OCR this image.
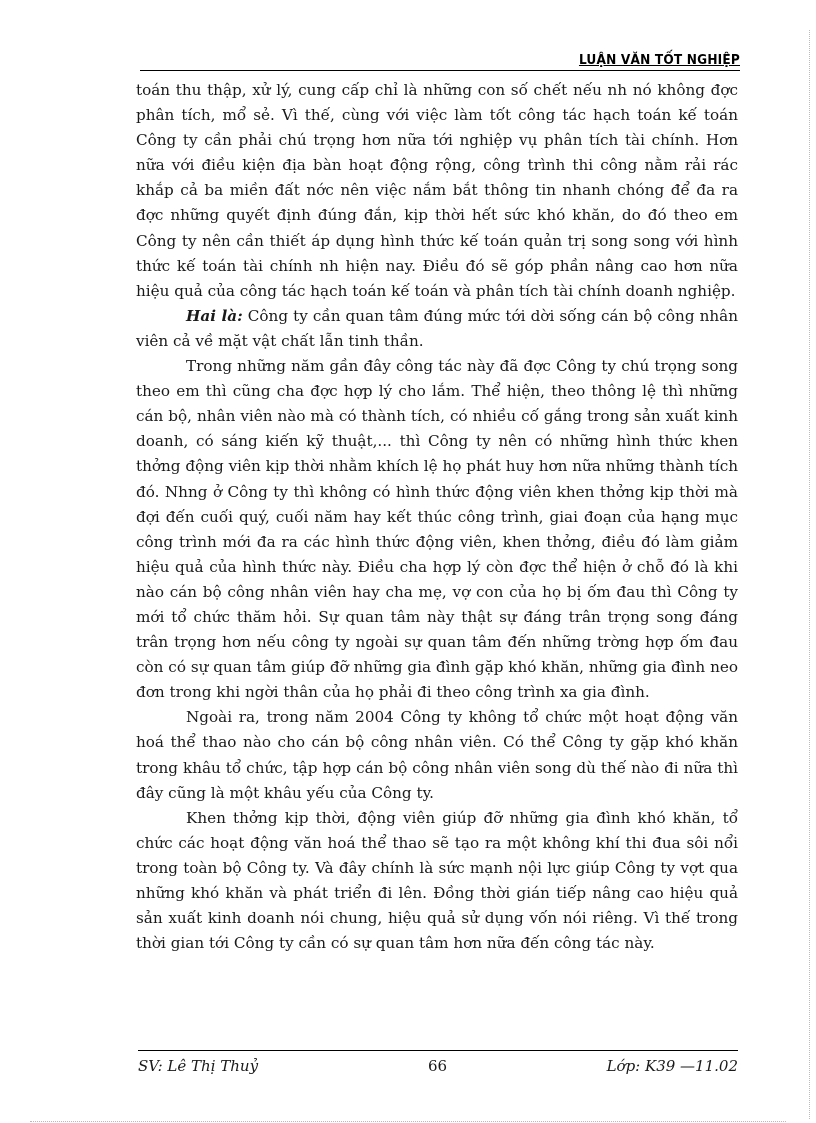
LUẬN VĂN TỐT NGHIỆP

toán thu thập, xử lý, cung cấp chỉ là những con số chết nếu nh nó không đợc phân tích, mổ sẻ. Vì thế, cùng với việc làm tốt công tác hạch toán kế toán Công ty cần phải chú trọng hơn nữa tới nghiệp vụ phân tích tài chính. Hơn nữa với điều kiện địa bàn hoạt động rộng, công trình thi công nằm rải rác khắp cả ba miền đất nớc nên việc nắm bắt thông tin nhanh chóng để đa ra đợc những quyết định đúng đắn, kịp thời hết sức khó khăn, do đó theo em Công ty nên cần thiết áp dụng hình thức kế toán quản trị song song với hình thức kế toán tài chính nh hiện nay. Điều đó sẽ góp phần nâng cao hơn nữa hiệu quả của công tác hạch toán kế toán và phân tích tài chính doanh nghiệp.

Hai là: Công ty cần quan tâm đúng mức tới dời sống cán bộ công nhân viên cả về mặt vật chất lẫn tinh thần.

Trong những năm gần đây công tác này đã đợc Công ty chú trọng song theo em thì cũng cha đợc hợp lý cho lắm. Thể hiện, theo thông lệ thì những cán bộ, nhân viên nào mà có thành tích, có nhiều cố gắng trong sản xuất kinh doanh, có sáng kiến kỹ thuật,... thì Công ty nên có những hình thức khen thởng động viên kịp thời nhằm khích lệ họ phát huy hơn nữa những thành tích đó. Nhng ở Công ty thì không có hình thức động viên khen thởng kịp thời mà đợi đến cuối quý, cuối năm hay kết thúc công trình, giai đoạn của hạng mục công trình mới đa ra các hình thức động viên, khen thởng, điều đó làm giảm hiệu quả của hình thức này. Điều cha hợp lý còn đợc thể hiện ở chỗ đó là khi nào cán bộ công nhân viên hay cha mẹ, vợ con của họ bị ốm đau thì Công ty mới tổ chức thăm hỏi. Sự quan tâm này thật sự đáng trân trọng song đáng trân trọng hơn nếu công ty ngoài sự quan tâm đến những trờng hợp ốm đau còn có sự quan tâm giúp đỡ những gia đình gặp khó khăn, những gia đình neo đơn trong khi ngời thân của họ phải đi theo công trình xa gia đình.

Ngoài ra, trong năm 2004 Công ty không tổ chức một hoạt động văn hoá thể thao nào cho cán bộ công nhân viên. Có thể Công ty gặp khó khăn trong khâu tổ chức, tập hợp cán bộ công nhân viên song dù thế nào đi nữa thì đây cũng là một khâu yếu của Công ty.

Khen thởng kịp thời, động viên giúp đỡ những gia đình khó khăn, tổ chức các hoạt động văn hoá thể thao sẽ tạo ra một không khí thi đua sôi nổi trong toàn bộ Công ty. Và đây chính là sức mạnh nội lực giúp Công ty vợt qua những khó khăn và phát triển đi lên. Đồng thời gián tiếp nâng cao hiệu quả sản xuất kinh doanh nói chung, hiệu quả sử dụng vốn nói riêng. Vì thế trong thời gian tới Công ty cần có sự quan tâm hơn nữa đến công tác này.

SV: Lê Thị Thuỷ	66	Lớp: K39 —11.02
